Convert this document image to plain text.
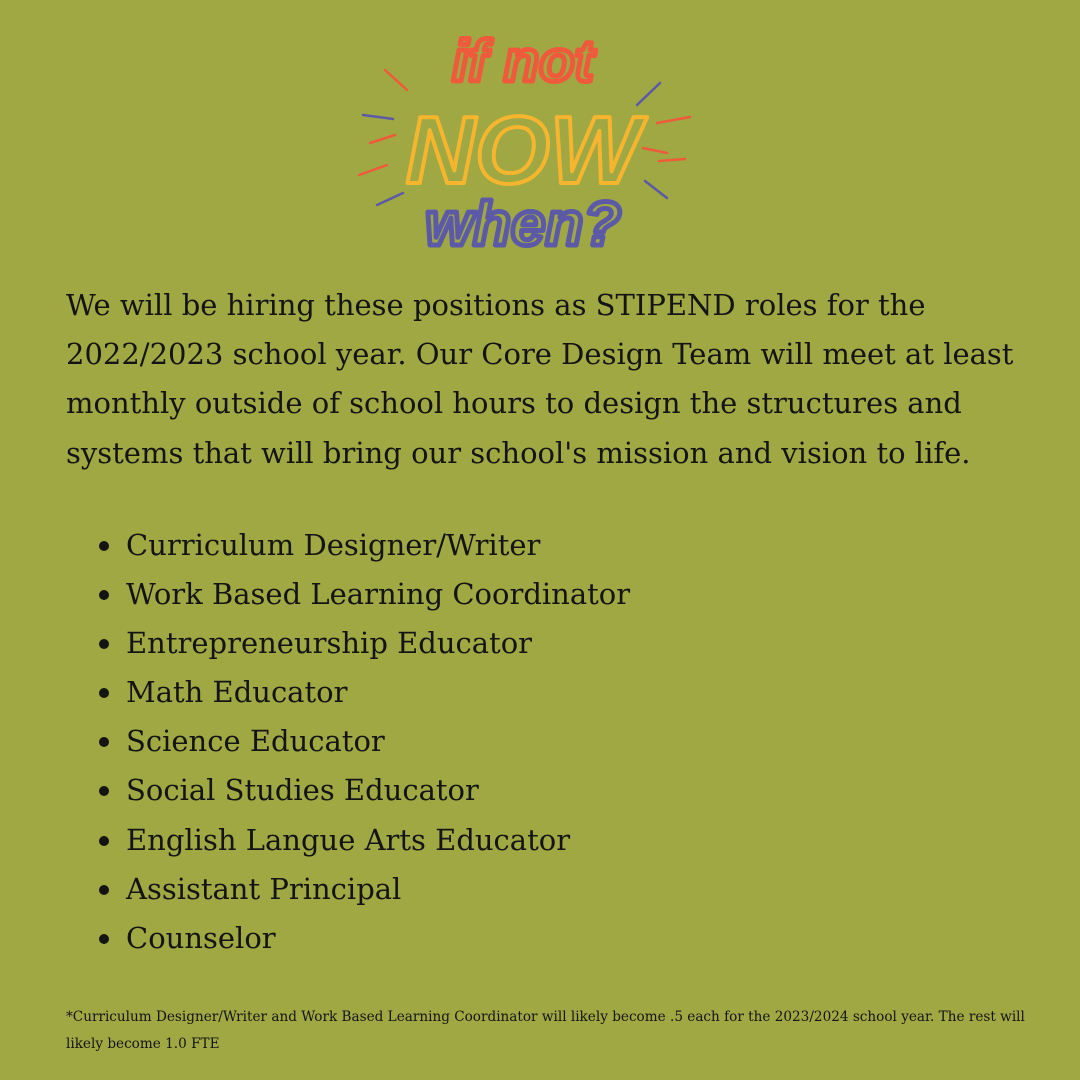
if not
NOW
when?

We will be hiring these positions as STIPEND roles for the 2022/2023 school year. Our Core Design Team will meet at least monthly outside of school hours to design the structures and systems that will bring our school's mission and vision to life.

Curriculum Designer/Writer
Work Based Learning Coordinator
Entrepreneurship Educator
Math Educator
Science Educator
Social Studies Educator
English Langue Arts Educator
Assistant Principal
Counselor

*Curriculum Designer/Writer and Work Based Learning Coordinator will likely become .5 each for the 2023/2024 school year. The rest will likely become 1.0 FTE
